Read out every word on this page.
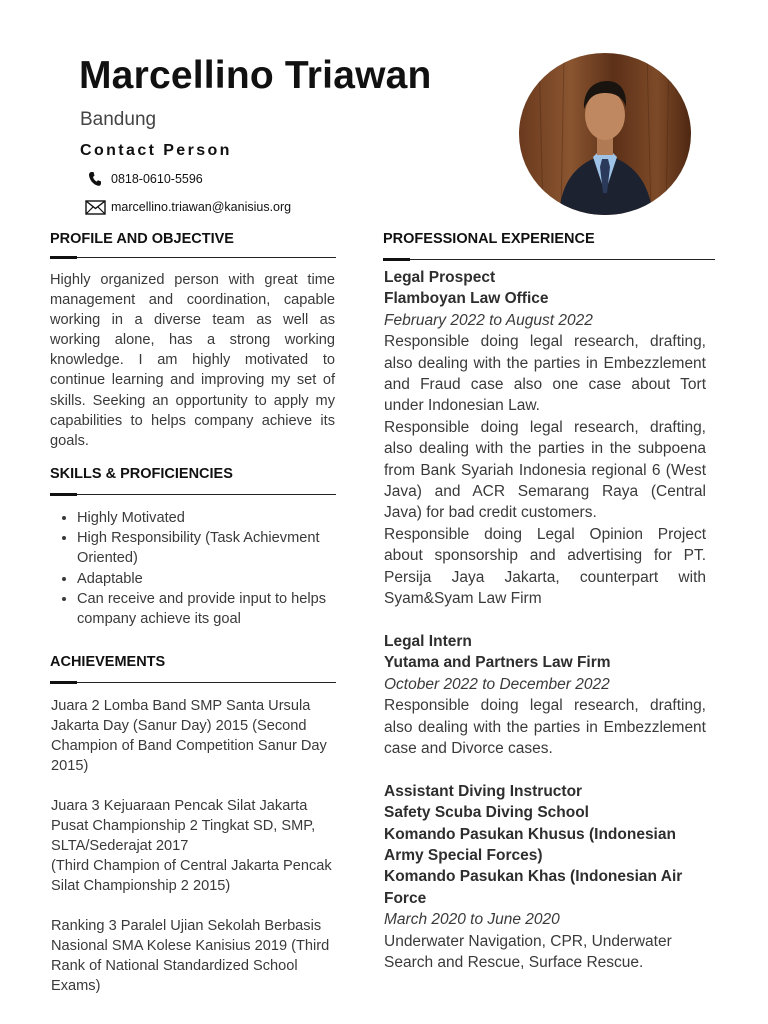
Marcellino Triawan
Bandung
Contact Person
0818-0610-5596
marcellino.triawan@kanisius.org
PROFILE AND OBJECTIVE

Highly organized person with great time management and coordination, capable working in a diverse team as well as working alone, has a strong working knowledge. I am highly motivated to continue learning and improving my set of skills. Seeking an opportunity to apply my capabilities to helps company achieve its goals.

SKILLS & PROFICIENCIES
• Highly Motivated
• High Responsibility (Task Achievment Oriented)
• Adaptable
• Can receive and provide input to helps company achieve its goal
ACHIEVEMENTS

Juara 2 Lomba Band SMP Santa Ursula Jakarta Day (Sanur Day) 2015 (Second Champion of Band Competition Sanur Day 2015)

Juara 3 Kejuaraan Pencak Silat Jakarta Pusat Championship 2 Tingkat SD, SMP, SLTA/Sederajat 2017

(Third Champion of Central Jakarta Pencak Silat Championship 2 2015)

Ranking 3 Paralel Ujian Sekolah Berbasis Nasional SMA Kolese Kanisius 2019 (Third Rank of National Standardized School Exams)

PROFESSIONAL EXPERIENCE

Legal Prospect

Flamboyan Law Office

February 2022 to August 2022

Responsible doing legal research, drafting, also dealing with the parties in Embezzlement and Fraud case also one case about Tort under Indonesian Law.

Responsible doing legal research, drafting, also dealing with the parties in the subpoena from Bank Syariah Indonesia regional 6 (West Java) and ACR Semarang Raya (Central Java) for bad credit customers.

Responsible doing Legal Opinion Project about sponsorship and advertising for PT. Persija Jaya Jakarta, counterpart with Syam&Syam Law Firm

Legal Intern

Yutama and Partners Law Firm

October 2022 to December 2022

Responsible doing legal research, drafting, also dealing with the parties in Embezzlement case and Divorce cases.

Assistant Diving Instructor

Safety Scuba Diving School

Komando Pasukan Khusus (Indonesian Army Special Forces)

Komando Pasukan Khas (Indonesian Air Force

March 2020 to June 2020

Underwater Navigation, CPR, Underwater Search and Rescue, Surface Rescue.
